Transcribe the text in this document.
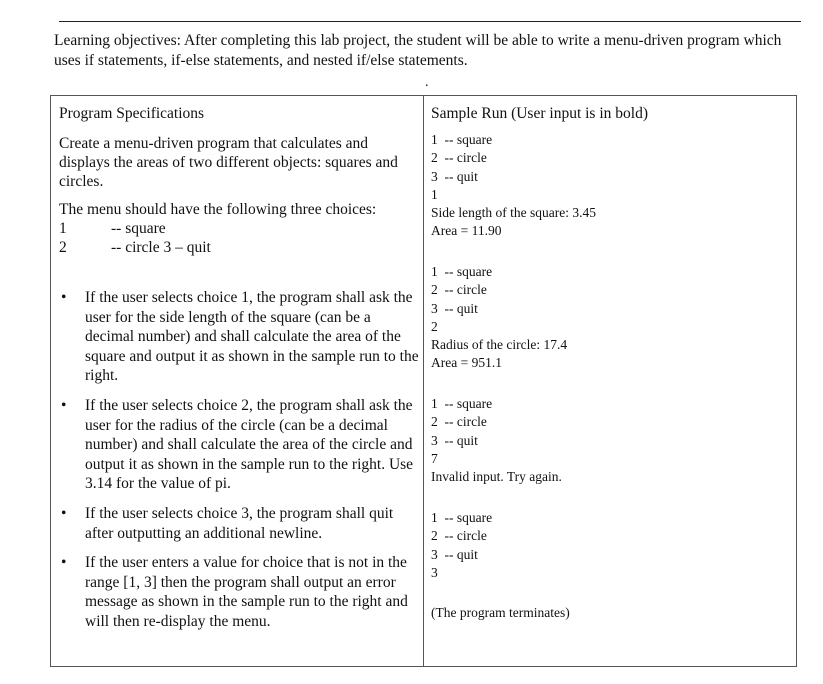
Learning objectives: After completing this lab project, the student will be able to write a menu-driven program which uses if statements, if-else statements, and nested if/else statements.
.
Program Specifications
Create a menu-driven program that calculates and displays the areas of two different objects: squares and circles.
The menu should have the following three choices:
1	-- square
2	-- circle 3 – quit
• If the user selects choice 1, the program shall ask the user for the side length of the square (can be a decimal number) and shall calculate the area of the square and output it as shown in the sample run to the right.
• If the user selects choice 2, the program shall ask the user for the radius of the circle (can be a decimal number) and shall calculate the area of the circle and output it as shown in the sample run to the right. Use 3.14 for the value of pi.
• If the user selects choice 3, the program shall quit after outputting an additional newline.
• If the user enters a value for choice that is not in the range [1, 3] then the program shall output an error message as shown in the sample run to the right and will then re-display the menu.
Sample Run (User input is in bold)
1  -- square
2  -- circle
3  -- quit
1
Side length of the square: 3.45
Area = 11.90
1  -- square
2  -- circle
3  -- quit
2
Radius of the circle: 17.4
Area = 951.1
1  -- square
2  -- circle
3  -- quit
7
Invalid input. Try again.
1  -- square
2  -- circle
3  -- quit
3
(The program terminates)
